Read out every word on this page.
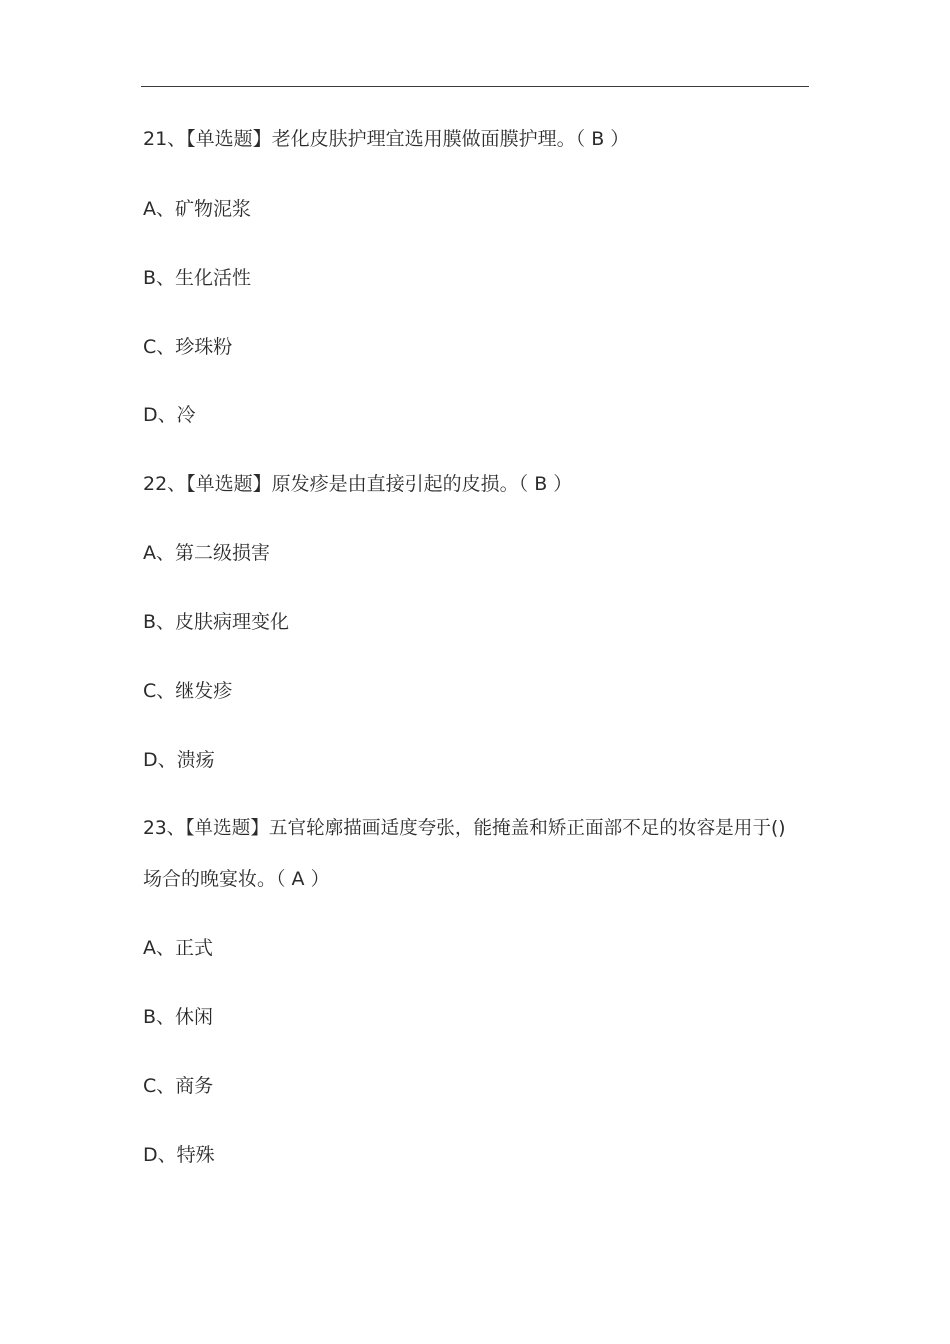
21、【单选题】老化皮肤护理宜选用膜做面膜护理。（ B ）
A、矿物泥浆
B、生化活性
C、珍珠粉
D、冷
22、【单选题】原发疹是由直接引起的皮损。（ B ）
A、第二级损害
B、皮肤病理变化
C、继发疹
D、溃疡
23、【单选题】五官轮廓描画适度夸张，能掩盖和矫正面部不足的妆容是用于()
场合的晚宴妆。（ A ）
A、正式
B、休闲
C、商务
D、特殊
